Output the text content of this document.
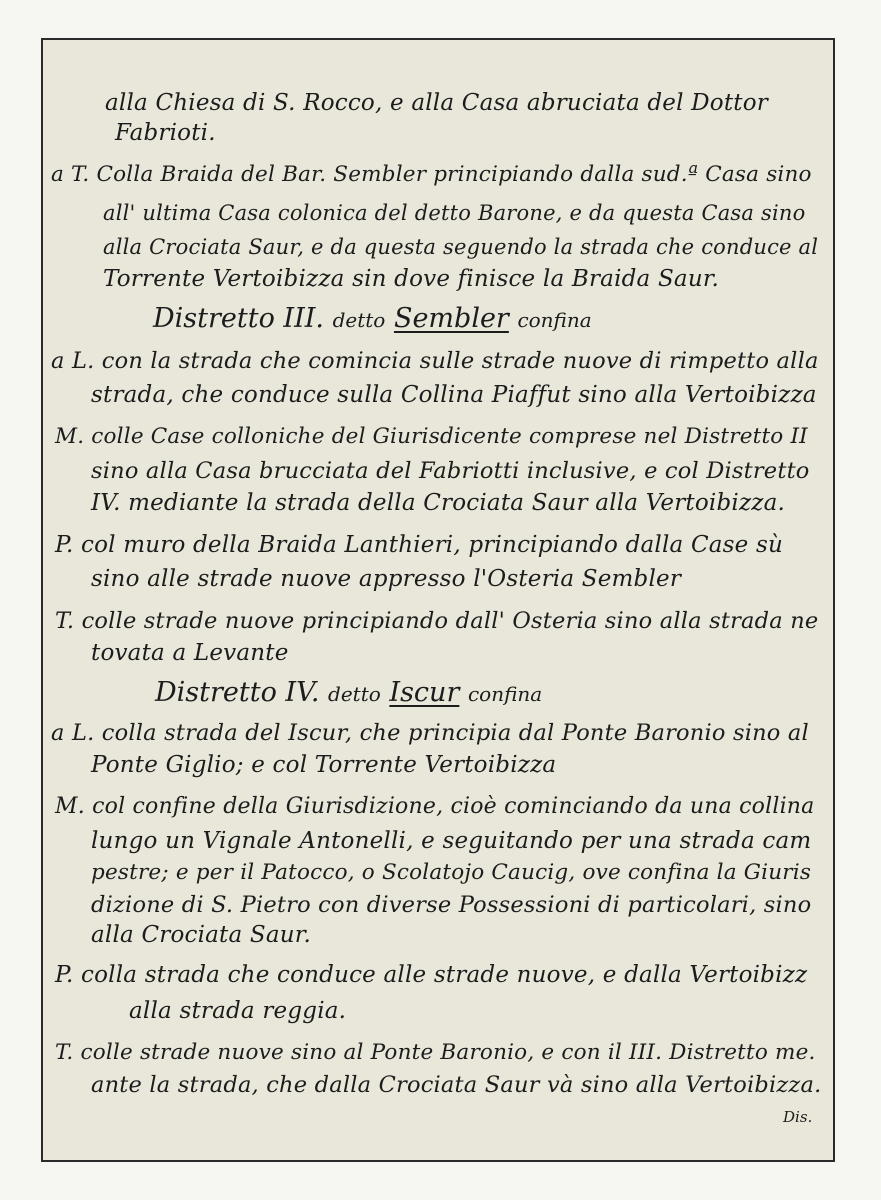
alla Chiesa di S. Rocco, e alla Casa abruciata del Dottor
Fabrioti.
a T. Colla Braida del Bar. Sembler principiando dalla sud.ª Casa sino
all' ultima Casa colonica del detto Barone, e da questa Casa sino
alla Crociata Saur, e da questa seguendo la strada che conduce al
Torrente Vertoibizza sin dove finisce la Braida Saur.
Distretto III. detto Sembler confina
a L. con la strada che comincia sulle strade nuove di rimpetto alla
strada, che conduce sulla Collina Piaffut sino alla Vertoibizza
M. colle Case colloniche del Giurisdicente comprese nel Distretto II
sino alla Casa brucciata del Fabriotti inclusive, e col Distretto
IV. mediante la strada della Crociata Saur alla Vertoibizza.
P. col muro della Braida Lanthieri, principiando dalla Case sù
sino alle strade nuove appresso l'Osteria Sembler
T. colle strade nuove principiando dall' Osteria sino alla strada ne
tovata a Levante
Distretto IV. detto Iscur confina
a L. colla strada del Iscur, che principia dal Ponte Baronio sino al
Ponte Giglio; e col Torrente Vertoibizza
M. col confine della Giurisdizione, cioè cominciando da una collina
lungo un Vignale Antonelli, e seguitando per una strada cam
pestre; e per il Patocco, o Scolatojo Caucig, ove confina la Giuris
dizione di S. Pietro con diverse Possessioni di particolari, sino
alla Crociata Saur.
P. colla strada che conduce alle strade nuove, e dalla Vertoibizz
alla strada reggia.
T. colle strade nuove sino al Ponte Baronio, e con il III. Distretto me.
ante la strada, che dalla Crociata Saur và sino alla Vertoibizza.
Dis.
